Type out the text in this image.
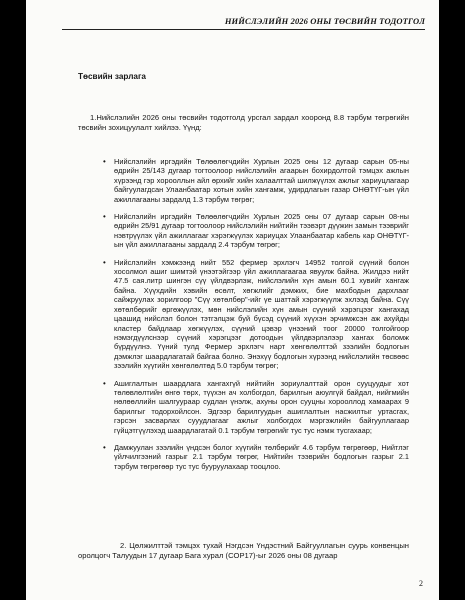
НИЙСЛЭЛИЙН 2026 ОНЫ ТӨСВИЙН ТОДОТГОЛ
Төсвийн зарлага

1.Нийслэлийн 2026 оны төсвийн тодотголд урсгал зардал хооронд 8.8 тэрбум төгрөгийн төсвийн зохицуулалт хийлээ. Үүнд:

• Нийслэлийн иргэдийн Төлөөлөгчдийн Хурлын 2025 оны 12 дугаар сарын 05-ны өдрийн 25/143 дугаар тогтоолоор нийслэлийн агаарын бохирдолтой тэмцэх ажлын хүрээнд гэр хорооллын айл өрхийг хийн халаалттай шилжүүлэх ажлыг хариуцлагаар байгуулагдсан Улаанбаатар хотын хийн хангамж, удирдлагын газар ОНӨТҮГ-ын үйл ажиллагааны зардалд 1.3 тэрбум төгрөг;
• Нийслэлийн иргэдийн Төлөөлөгчдийн Хурлын 2025 оны 07 дугаар сарын 08-ны өдрийн 25/91 дугаар тогтоолоор нийслэлийн нийтийн тээвэрт дүүжин замын тээврийг нэвтрүүлэх үйл ажиллагааг хэрэгжүүлэх хариуцах Улаанбаатар кабель кар ОНӨТҮГ-ын үйл ажиллагааны зардалд 2.4 тэрбум төгрөг;
• Нийслэлийн хэмжээнд нийт 552 фермер эрхлэгч 14952 толгой сүүний болон хосолмол ашиг шимтэй үнээтэйгээр үйл ажиллагаагаа явуулж байна. Жилдээ нийт 47.5 сая.литр шингэн сүү үйлдвэрлэж, нийслэлийн хүн амын 60.1 хувийг хангаж байна. Хүүхдийн хэвийн өсөлт, хөгжлийг дэмжих, бие махбодын дархлааг сайжруулах зорилгоор "Сүү хөтөлбөр"-ийг үе шаттай хэрэгжүүлж эхлээд байна. Сүү хөтөлбөрийг өргөжүүлэх, мөн нийслэлийн хүн амын сүүний хэрэгцээг хангахад цаашид нийслэл болон тэтгэлцэж буй бүсэд сүүний хүүхэн эрчимжсэн аж ахуйды кластер байдлаар хөгжүүлэх, сүүний цэвэр үнээний тоог 20000 толгойгоор нэмэгдүүлснээр сүүний хэрэгцээг дотоодын үйлдвэрлэлээр хангах боломж бүрдүүлнэ. Үүний тулд Фермер эрхлэгч нарт хөнгөлөлттэй зээлийн бодлогын дэмжлэг шаардлагатай байгаа болно. Энэхүү бодлогын хүрээнд нийслэлийн төсвөөс зээлийн хүүгийн хөнгөлөлтөд 5.0 тэрбум төгрөг;
• Ашиглалтын шаардлага хангахгүй нийтийн зориулалттай орон сууцуудыг хот төлөвлөлтийн өнгө төрх, түүхэн ач холбогдол, барилгын аюулгүй байдал, нийгмийн нөлөөллийн шалгуураар судлан үнэлж, ахуны орон сууцны хорооллод хамаарах 9 барилгыг тодорхойлсон. Эдгээр барилгуудын ашиглалтын насжилтыг уртасгах, гэрсэн засварлах сууудлагааг ажлыг холбогдох мэргэжлийн байгууллагаар гүйцэтгүүлэхэд шаардлагатай 0.1 тэрбум төгрөгийг тус тус нэмж тусгахаар;
• Дамжуулан зээлийн үндсэн болог хүүгийн төлбөрийг 4.6 тэрбум төгрөгөөр, Нийтлэг үйлчилгээний газрыг 2.1 тэрбум төгрөг, Нийтийн тээврийн бодлогын газрыг 2.1 тэрбум төгрөгөөр тус тус бууруулахаар тооцлоо.

2. Цөлжилттэй тэмцэх тухай Нэгдсэн Үндэстний Байгууллагын суурь конвенцын оролцогч Талуудын 17 дугаар Бага хурал (COP17)-ыг 2026 оны 08 дугаар

2
